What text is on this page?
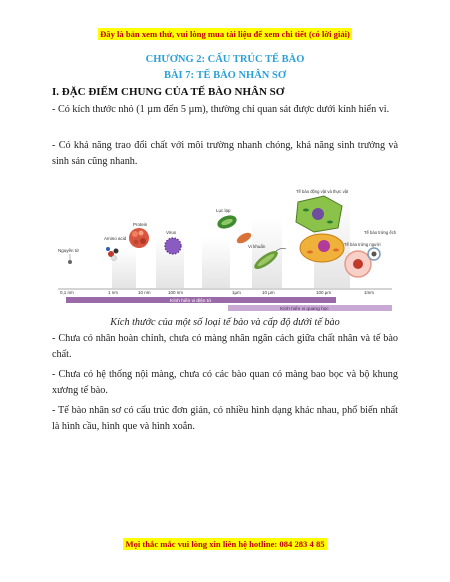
Đây là bản xem thử, vui lòng mua tài liệu để xem chi tiết (có lời giải)
CHƯƠNG 2: CẤU TRÚC TẾ BÀO
BÀI 7: TẾ BÀO NHÂN SƠ
I. ĐẶC ĐIỂM CHUNG CỦA TẾ BÀO NHÂN SƠ
- Có kích thước nhỏ (1 µm đến 5 µm), thường chỉ quan sát được dưới kính hiển vi.
- Có khả năng trao đổi chất với môi trường nhanh chóng, khả năng sinh trưởng và sinh sản cũng nhanh.
Nguyên tử
Amino acid
Protein
Virus
Lục lạp
Vi khuẩn
Tế bào động vật và thực vật
Tế bào trứng người
Tế bào trứng ếch
0,1 nm	1 nm	10 nm	100 nm	1µm	10 µm	100 µm	1mm
Kính hiển vi điện tử
Kính hiển vi quang học
Kích thước của một số loại tế bào và cấp độ dưới tế bào
- Chưa có nhân hoàn chỉnh, chưa có màng nhân ngăn cách giữa chất nhân và tế bào chất.
- Chưa có hệ thống nội màng, chưa có các bào quan có màng bao bọc và bộ khung xương tế bào.
- Tế bào nhân sơ có cấu trúc đơn giản, có nhiều hình dạng khác nhau, phổ biến nhất là hình cầu, hình que và hình xoắn.
Mọi thắc mắc vui lòng xin liên hệ hotline: 084 283 4 85
